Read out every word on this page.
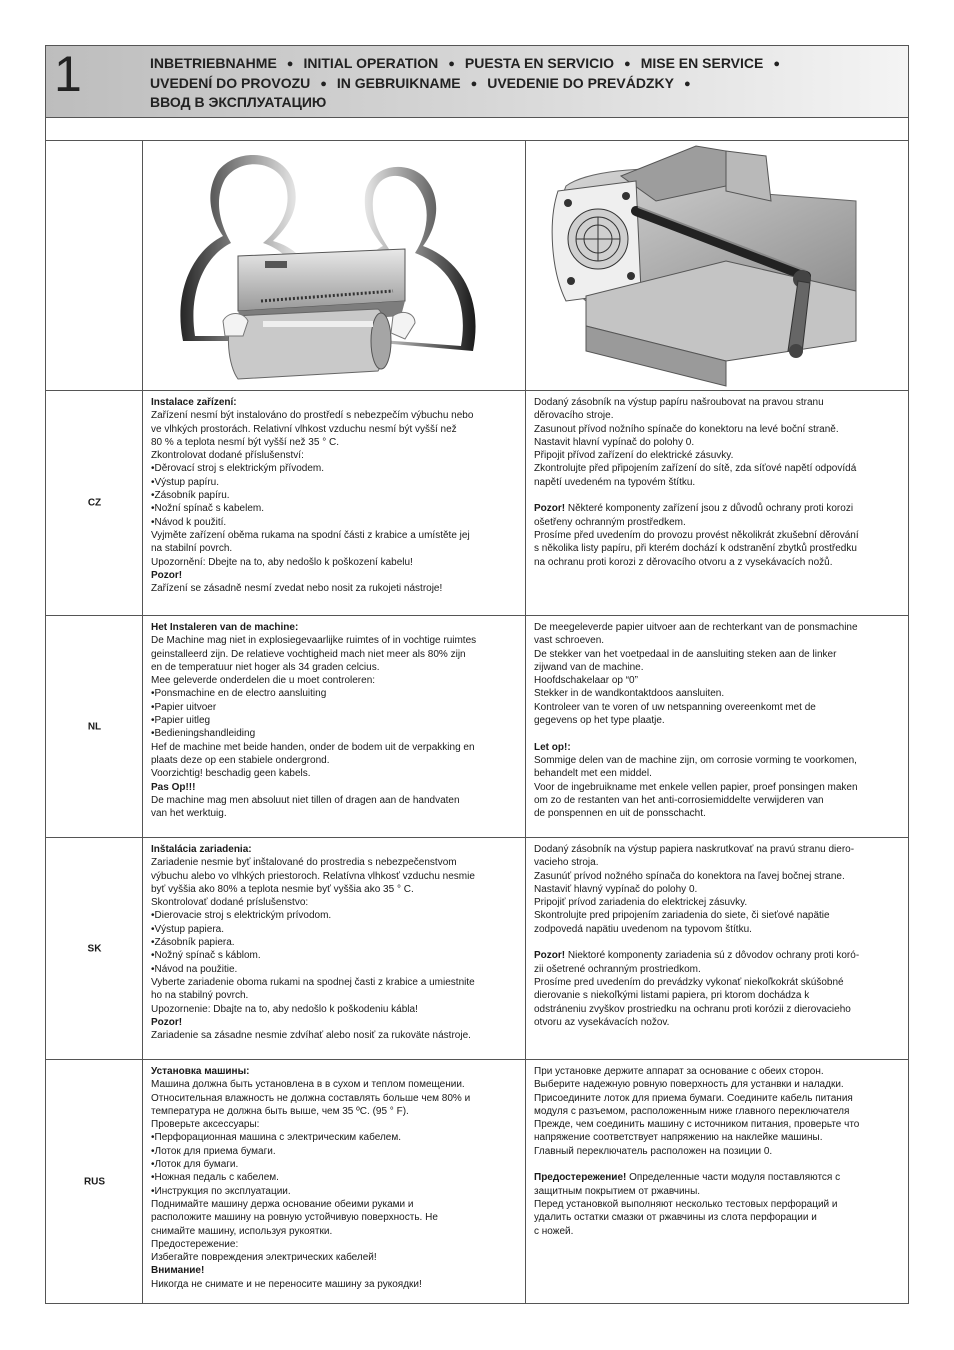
1	INBETRIEBNAHME ● INITIAL OPERATION ● PUESTA EN SERVICIO ● MISE EN SERVICE ●
UVEDENÍ DO PROVOZU ● IN GEBRUIKNAME ● UVEDENIE DO PREVÁDZKY ●
ВВОД В ЭКСПЛУАТАЦИЮ
CZ
Instalace zařízení:
Zařízení nesmí být instalováno do prostředí s nebezpečím výbuchu nebo
ve vlhkých prostorách. Relativní vlhkost vzduchu nesmí být vyšší než
80 % a teplota nesmí být vyšší než 35 ° C.
Zkontrolovat dodané příslušenství:
•Děrovací stroj s elektrickým přívodem.
•Výstup papíru.
•Zásobník papíru.
•Nožní spínač s kabelem.
•Návod k použití.
Vyjměte zařízení oběma rukama na spodní části z krabice a umístěte jej
na stabilní povrch.
Upozornění: Dbejte na to, aby nedošlo k poškození kabelu!
Pozor!
Zařízení se zásadně nesmí zvedat nebo nosit za rukojeti nástroje!
Dodaný zásobník na výstup papíru našroubovat na pravou stranu
děrovacího stroje.
Zasunout přívod nožního spínače do konektoru na levé boční straně.
Nastavit hlavní vypínač do polohy 0.
Připojit přívod zařízení do elektrické zásuvky.
Zkontrolujte před připojením zařízení do sítě, zda síťové napětí odpovídá
napětí uvedeném na typovém štítku.
Pozor! Některé komponenty zařízení jsou z důvodů ochrany proti korozi
ošetřeny ochranným prostředkem.
Prosíme před uvedením do provozu provést několikrát zkušební děrování
s několika listy papíru, při kterém dochází k odstranění zbytků prostředku
na ochranu proti korozi z děrovacího otvoru a z vysekávacích nožů.
NL
Het Instaleren van de machine:
De Machine mag niet in explosiegevaarlijke ruimtes of in vochtige ruimtes
geinstalleerd zijn. De relatieve vochtigheid mach niet meer als 80% zijn
en de temperatuur niet hoger als 34 graden celcius.
Mee geleverde onderdelen die u moet controleren:
•Ponsmachine en de electro aansluiting
•Papier uitvoer
•Papier uitleg
•Bedieningshandleiding
Hef de machine met beide handen, onder de bodem uit de verpakking en
plaats deze op een stabiele ondergrond.
Voorzichtig! beschadig geen kabels.
Pas Op!!!
De machine mag men absoluut niet tillen of dragen aan de handvaten
van het werktuig.
De meegeleverde papier uitvoer aan de rechterkant van de ponsmachine
vast schroeven.
De stekker van het voetpedaal in de aansluiting steken aan de linker
zijwand van de machine.
Hoofdschakelaar op “0”
Stekker in de wandkontaktdoos aansluiten.
Kontroleer van te voren of uw netspanning overeenkomt met de
gegevens op het type plaatje.
Let op!:
Sommige delen van de machine zijn, om corrosie vorming te voorkomen,
behandelt met een middel.
Voor de ingebruikname met enkele vellen papier, proef ponsingen maken
om zo de restanten van het anti-corrosiemiddelte verwijderen van
de ponspennen en uit de ponsschacht.
SK
Inštalácia zariadenia:
Zariadenie nesmie byť inštalované do prostredia s nebezpečenstvom
výbuchu alebo vo vlhkých priestoroch. Relatívna vlhkosť vzduchu nesmie
byť vyššia ako 80% a teplota nesmie byť vyššia ako 35 ° C.
Skontrolovať dodané príslušenstvo:
•Dierovacie stroj s elektrickým prívodom.
•Výstup papiera.
•Zásobník papiera.
•Nožný spínač s káblom.
•Návod na použitie.
Vyberte zariadenie oboma rukami na spodnej časti z krabice a umiestnite
ho na stabilný povrch.
Upozornenie: Dbajte na to, aby nedošlo k poškodeniu kábla!
Pozor!
Zariadenie sa zásadne nesmie zdvíhať alebo nosiť za rukoväte nástroje.
Dodaný zásobník na výstup papiera naskrutkovať na pravú stranu diero-
vacieho stroja.
Zasunúť prívod nožného spínača do konektora na ľavej bočnej strane.
Nastaviť hlavný vypínač do polohy 0.
Pripojiť prívod zariadenia do elektrickej zásuvky.
Skontrolujte pred pripojením zariadenia do siete, či sieťové napätie
zodpovedá napätiu uvedenom na typovom štítku.
Pozor! Niektoré komponenty zariadenia sú z dôvodov ochrany proti koró-
zii ošetrené ochranným prostriedkom.
Prosíme pred uvedením do prevádzky vykonať niekoľkokrát skúšobné
dierovanie s niekoľkými listami papiera, pri ktorom dochádza k
odstráneniu zvyškov prostriedku na ochranu proti korózii z dierovacieho
otvoru az vysekávacích nožov.
RUS
Установка машины:
Машина должна быть установлена в в сухом и теплом помещении.
Относительная влажность не должна составлять больше чем 80% и
температура не должна быть выше, чем 35 ºC. (95 ° F).
Проверьте аксессуары:
•Перфорационная машина с электрическим кабелем.
•Лоток для приема бумаги.
•Лоток для бумаги.
•Ножная педаль с кабелем.
•Инструкция по эксплуатации.
Поднимайте машину держа основание обеими руками и
расположите машину на ровную устойчивую поверхность. Не
снимайте машину, используя рукоятки.
Предостережение:
Избегайте повреждения электрических кабелей!
Внимание!
Никогда не снимате и не переносите машину за рукоядки!
При установке держите аппарат за основание с обеих сторон.
Выберите надежную ровную поверхность для устанвки и наладки.
Присоедините лоток для приема бумаги. Соедините кабель питания
модуля с разъемом, расположенным ниже главного переключателя
Прежде, чем соединить машину с источником питания, проверьте что
напряжение соответствует напряжению на наклейке машины.
Главный переключатель расположен на позиции 0.
Предостережение! Определенные части модуля поставляются с
защитным покрытием от ржавчины.
Перед установкой выполняют несколько тестовых перфораций и
удалить остатки смазки от ржавчины из слота перфорации и
с ножей.
